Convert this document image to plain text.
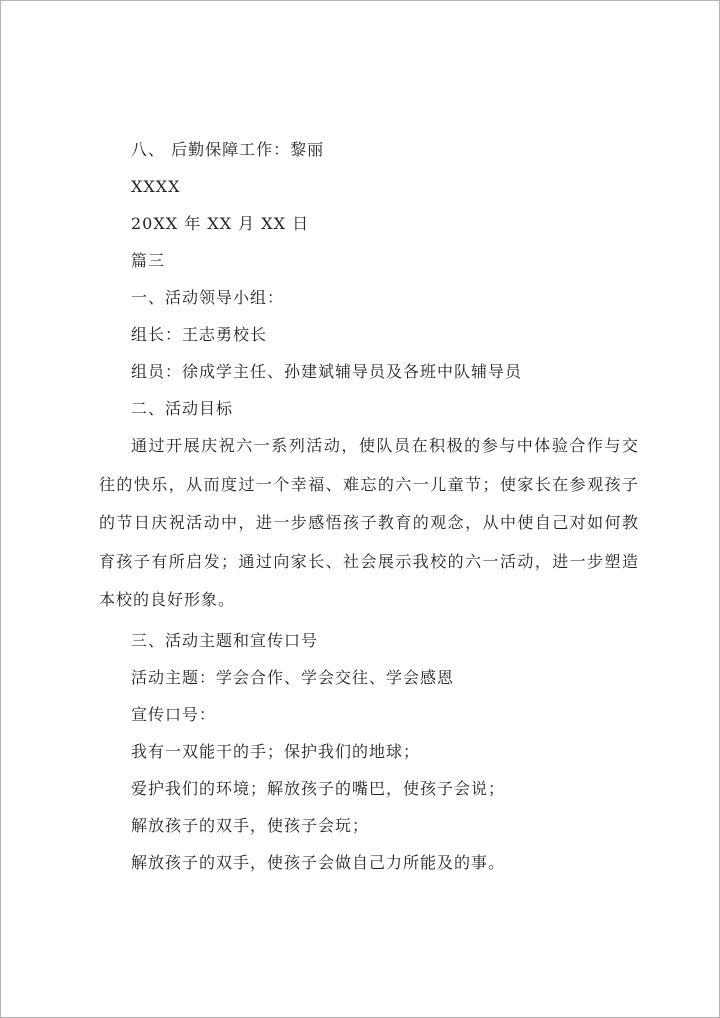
八、 后勤保障工作：黎丽
XXXX
20XX 年 XX 月 XX 日
篇三
一、活动领导小组：
组长：王志勇校长
组员：徐成学主任、孙建斌辅导员及各班中队辅导员
二、活动目标

通过开展庆祝六一系列活动，使队员在积极的参与中体验合作与交往的快乐，从而度过一个幸福、难忘的六一儿童节；使家长在参观孩子的节日庆祝活动中，进一步感悟孩子教育的观念，从中使自己对如何教育孩子有所启发；通过向家长、社会展示我校的六一活动，进一步塑造本校的良好形象。

三、活动主题和宣传口号
活动主题：学会合作、学会交往、学会感恩
宣传口号：
我有一双能干的手；保护我们的地球；
爱护我们的环境；解放孩子的嘴巴，使孩子会说；
解放孩子的双手，使孩子会玩；
解放孩子的双手，使孩子会做自己力所能及的事。
